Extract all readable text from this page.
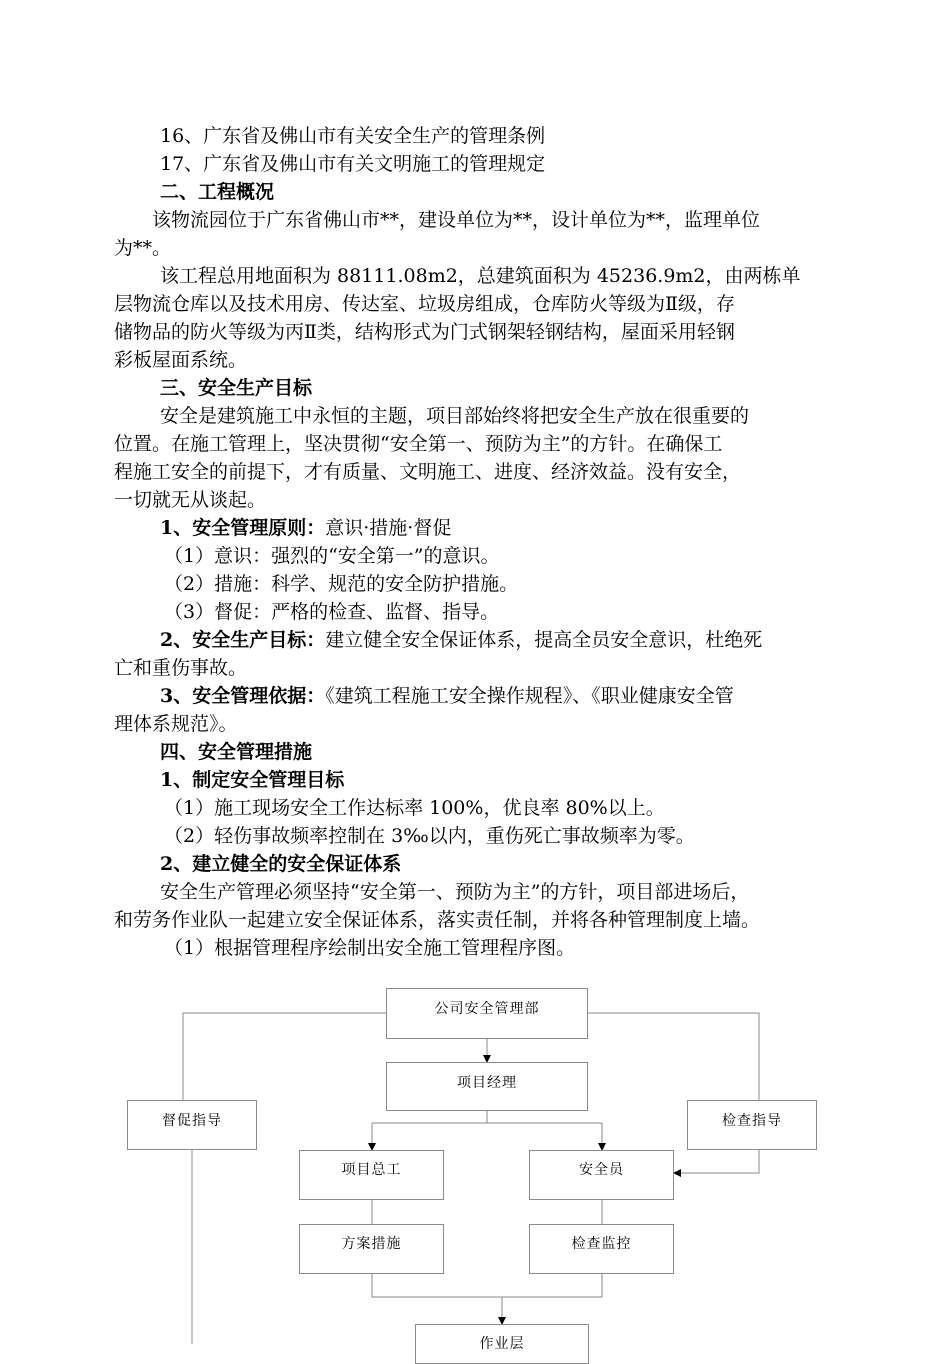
16、广东省及佛山市有关安全生产的管理条例
17、广东省及佛山市有关文明施工的管理规定
二、工程概况
该物流园位于广东省佛山市**，建设单位为**，设计单位为**，监理单位
为**。
该工程总用地面积为 88111.08m2，总建筑面积为 45236.9m2，由两栋单
层物流仓库以及技术用房、传达室、垃圾房组成，仓库防火等级为Ⅱ级，存
储物品的防火等级为丙Ⅱ类，结构形式为门式钢架轻钢结构，屋面采用轻钢
彩板屋面系统。
三、安全生产目标
安全是建筑施工中永恒的主题，项目部始终将把安全生产放在很重要的
位置。在施工管理上，坚决贯彻“安全第一、预防为主”的方针。在确保工
程施工安全的前提下，才有质量、文明施工、进度、经济效益。没有安全，
一切就无从谈起。
1、安全管理原则：意识·措施·督促
（1）意识：强烈的“安全第一”的意识。
（2）措施：科学、规范的安全防护措施。
（3）督促：严格的检查、监督、指导。
2、安全生产目标：建立健全安全保证体系，提高全员安全意识，杜绝死
亡和重伤事故。
3、安全管理依据：《建筑工程施工安全操作规程》、《职业健康安全管
理体系规范》。
四、安全管理措施
1、制定安全管理目标
（1）施工现场安全工作达标率 100%，优良率 80%以上。
（2）轻伤事故频率控制在 3‰以内，重伤死亡事故频率为零。
2、建立健全的安全保证体系
安全生产管理必须坚持“安全第一、预防为主”的方针，项目部进场后，
和劳务作业队一起建立安全保证体系，落实责任制，并将各种管理制度上墙。
（1）根据管理程序绘制出安全施工管理程序图。
公司安全管理部
项目经理
督促指导	检查指导
项目总工	安全员
方案措施	检查监控
作业层
